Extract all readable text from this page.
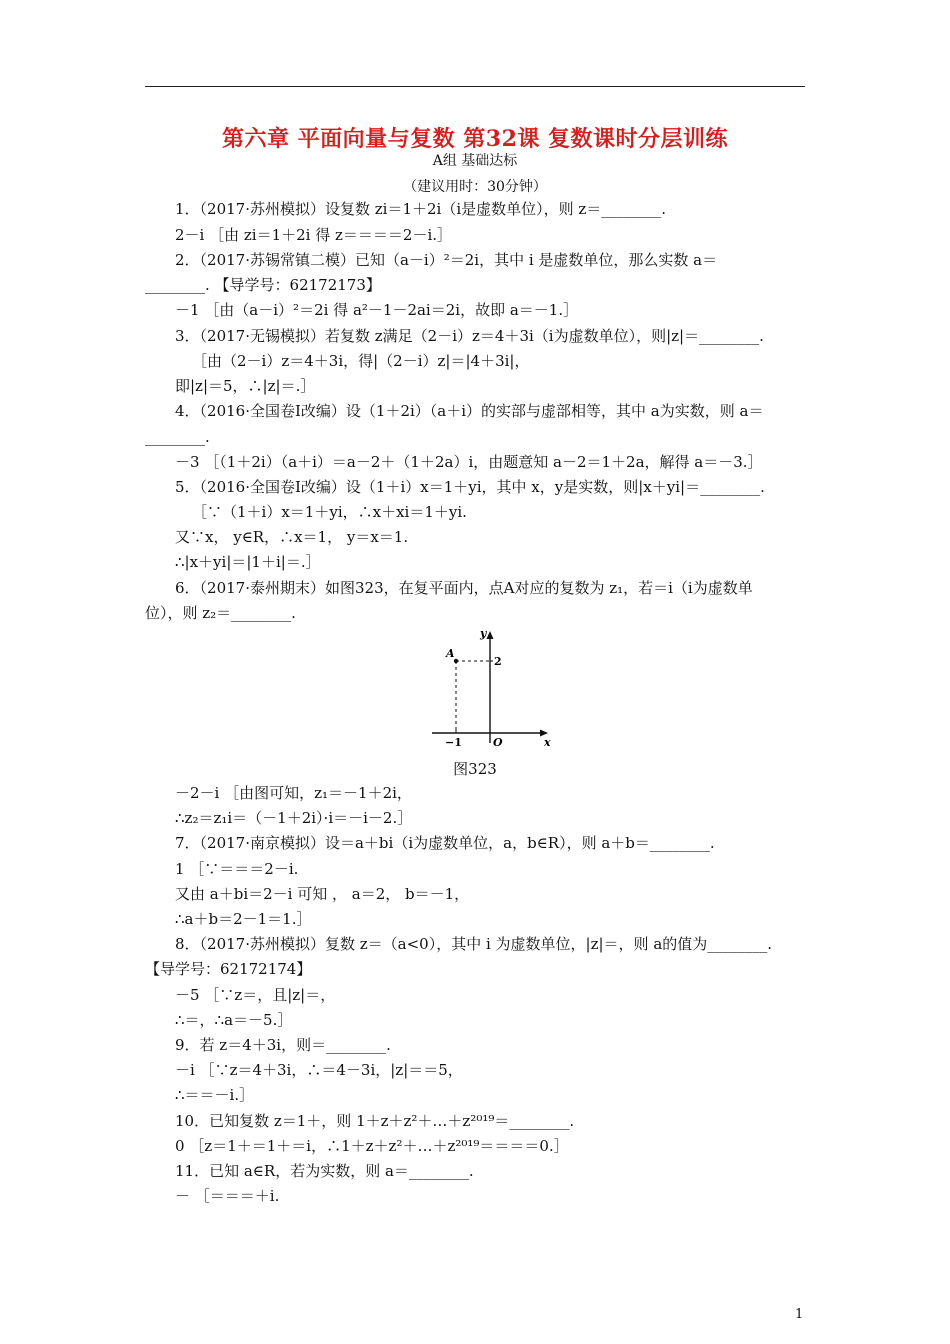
第六章 平面向量与复数 第32课 复数课时分层训练
A组 基础达标
（建议用时：30分钟）
1．（2017·苏州模拟）设复数 zi＝1＋2i（i是虚数单位），则 z＝________.
2－i ［由 zi＝1＋2i 得 z＝＝＝＝2－i.］
2．（2017·苏锡常镇二模）已知（a－i）²＝2i，其中 i 是虚数单位，那么实数 a＝
________. 【导学号：62172173】
－1 ［由（a－i）²＝2i 得 a²－1－2ai＝2i，故即 a＝－1.］
3．（2017·无锡模拟）若复数 z满足（2－i）z＝4＋3i（i为虚数单位），则|z|＝________.
［由（2－i）z＝4＋3i，得|（2－i）z|＝|4＋3i|，
即|z|＝5，∴|z|＝.］
4．（2016·全国卷Ⅰ改编）设（1＋2i）（a＋i）的实部与虚部相等，其中 a为实数，则 a＝
________.
－3 ［（1＋2i）（a＋i）＝a－2＋（1＋2a）i，由题意知 a－2＝1＋2a，解得 a＝－3.］
5．（2016·全国卷Ⅰ改编）设（1＋i）x＝1＋yi，其中 x，y是实数，则|x＋yi|＝________.
［∵（1＋i）x＝1＋yi，∴x＋xi＝1＋yi.
又∵x， y∈R，∴x＝1， y＝x＝1.
∴|x＋yi|＝|1＋i|＝.］
6．（2017·泰州期末）如图323，在复平面内，点A对应的复数为 z₁，若＝i（i为虚数单
位），则 z₂＝________.
A
2
y
x
O
−1
图323
－2－i ［由图可知，z₁＝－1＋2i，
∴z₂＝z₁i＝（－1＋2i）·i＝－i－2.］
7．（2017·南京模拟）设＝a＋bi（i为虚数单位，a，b∈R），则 a＋b＝________.
1 ［∵＝＝＝2－i.
又由 a＋bi＝2－i 可知 ， a＝2， b＝－1，
∴a＋b＝2－1＝1.］
8．（2017·苏州模拟）复数 z＝（a<0），其中 i 为虚数单位，|z|＝，则 a的值为________.
【导学号：62172174】
－5 ［∵z＝，且|z|＝，
∴＝，∴a＝－5.］
9．若 z＝4＋3i，则＝________.
－i ［∵z＝4＋3i，∴＝4－3i，|z|＝＝5，
∴＝＝－i.］
10．已知复数 z＝1＋，则 1＋z＋z²＋…＋z²⁰¹⁹＝________.
0 ［z＝1＋＝1＋＝i，∴1＋z＋z²＋…＋z²⁰¹⁹＝＝＝＝0.］
11．已知 a∈R，若为实数，则 a＝________.
－ ［＝＝＝＋i.
1
